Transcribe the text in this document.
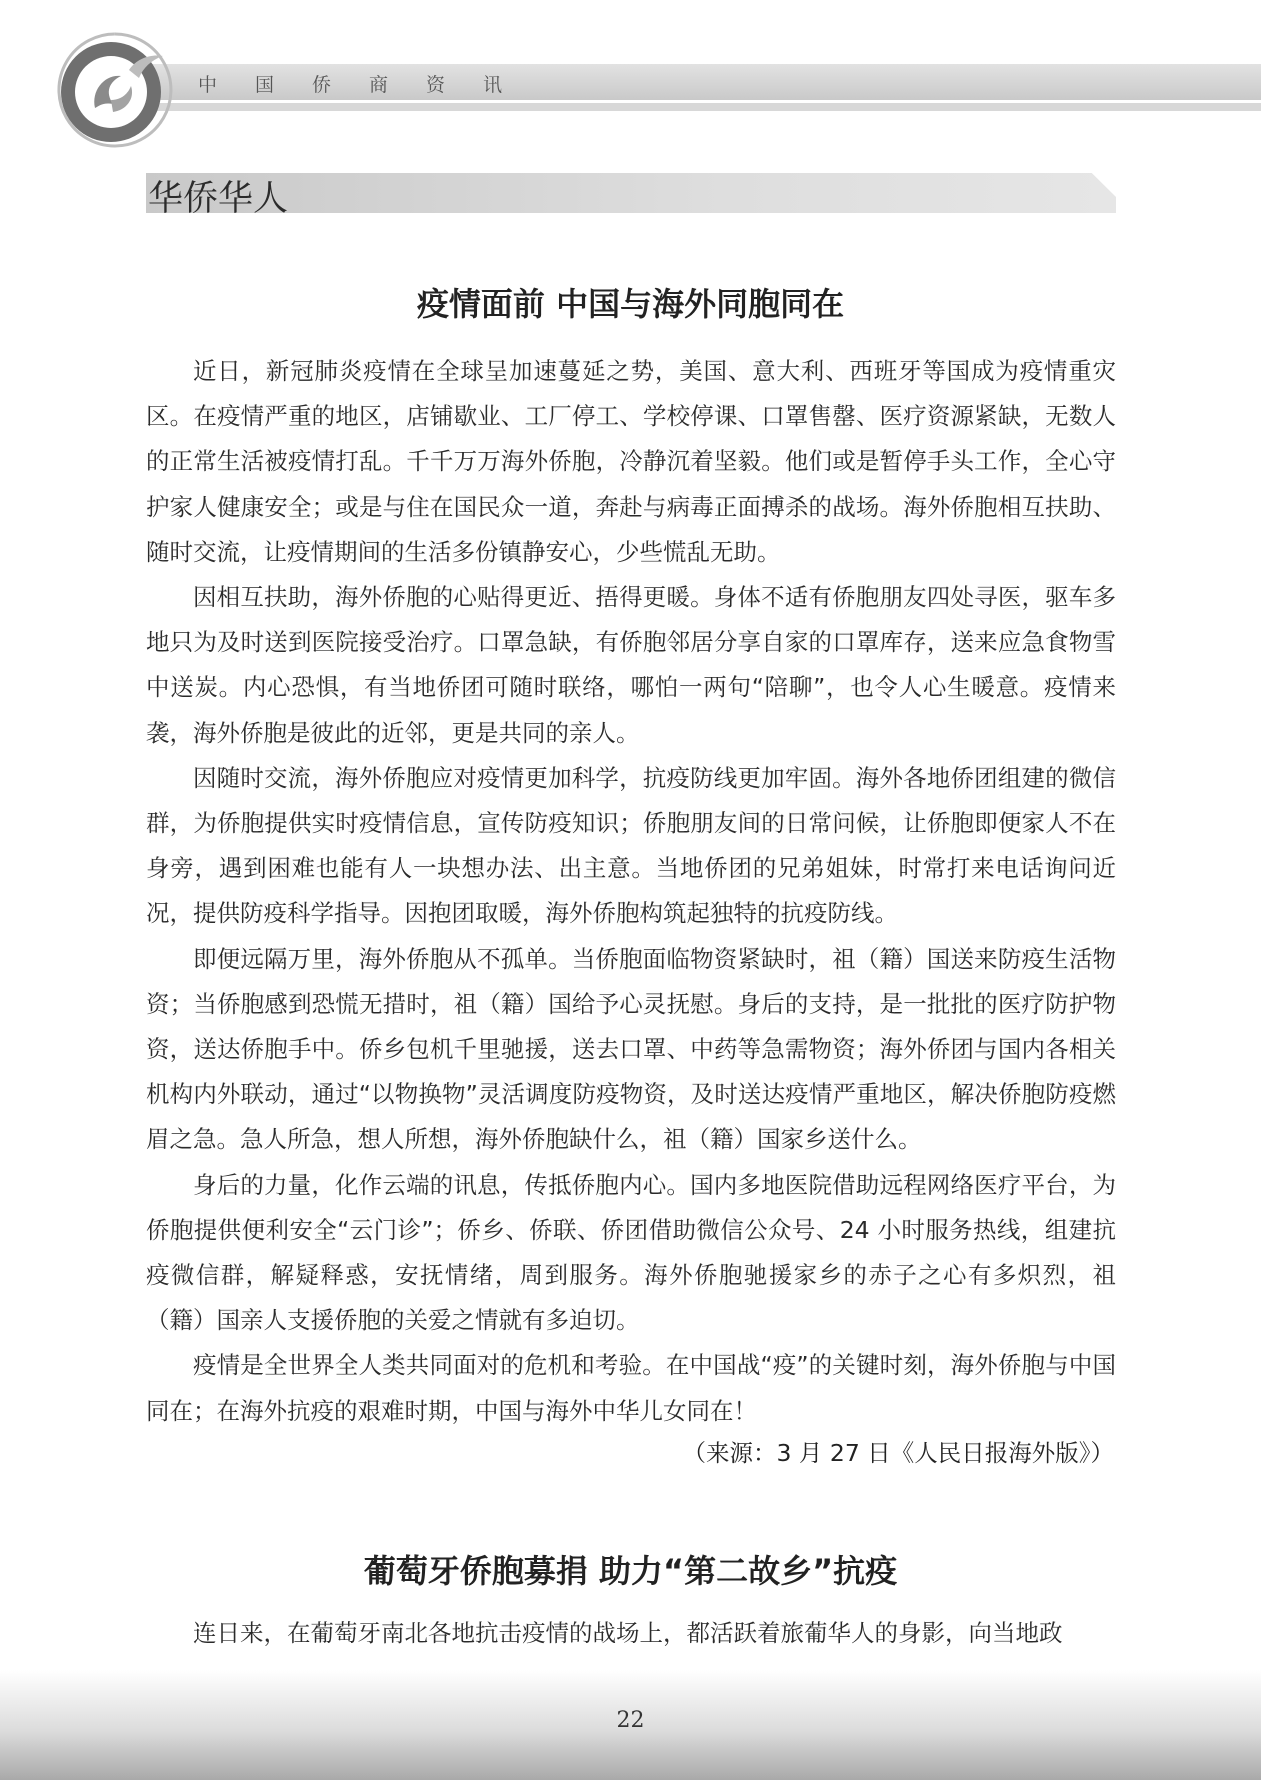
中国侨商资讯
华侨华人
疫情面前 中国与海外同胞同在

近日，新冠肺炎疫情在全球呈加速蔓延之势，美国、意大利、西班牙等国成为疫情重灾区。在疫情严重的地区，店铺歇业、工厂停工、学校停课、口罩售罄、医疗资源紧缺，无数人的正常生活被疫情打乱。千千万万海外侨胞，冷静沉着坚毅。他们或是暂停手头工作，全心守护家人健康安全；或是与住在国民众一道，奔赴与病毒正面搏杀的战场。海外侨胞相互扶助、随时交流，让疫情期间的生活多份镇静安心，少些慌乱无助。

因相互扶助，海外侨胞的心贴得更近、捂得更暖。身体不适有侨胞朋友四处寻医，驱车多地只为及时送到医院接受治疗。口罩急缺，有侨胞邻居分享自家的口罩库存，送来应急食物雪中送炭。内心恐惧，有当地侨团可随时联络，哪怕一两句“陪聊”，也令人心生暖意。疫情来袭，海外侨胞是彼此的近邻，更是共同的亲人。

因随时交流，海外侨胞应对疫情更加科学，抗疫防线更加牢固。海外各地侨团组建的微信群，为侨胞提供实时疫情信息，宣传防疫知识；侨胞朋友间的日常问候，让侨胞即便家人不在身旁，遇到困难也能有人一块想办法、出主意。当地侨团的兄弟姐妹，时常打来电话询问近况，提供防疫科学指导。因抱团取暖，海外侨胞构筑起独特的抗疫防线。

即便远隔万里，海外侨胞从不孤单。当侨胞面临物资紧缺时，祖（籍）国送来防疫生活物资；当侨胞感到恐慌无措时，祖（籍）国给予心灵抚慰。身后的支持，是一批批的医疗防护物资，送达侨胞手中。侨乡包机千里驰援，送去口罩、中药等急需物资；海外侨团与国内各相关机构内外联动，通过“以物换物”灵活调度防疫物资，及时送达疫情严重地区，解决侨胞防疫燃眉之急。急人所急，想人所想，海外侨胞缺什么，祖（籍）国家乡送什么。

身后的力量，化作云端的讯息，传抵侨胞内心。国内多地医院借助远程网络医疗平台，为侨胞提供便利安全“云门诊”；侨乡、侨联、侨团借助微信公众号、24 小时服务热线，组建抗疫微信群，解疑释惑，安抚情绪，周到服务。海外侨胞驰援家乡的赤子之心有多炽烈，祖（籍）国亲人支援侨胞的关爱之情就有多迫切。

疫情是全世界全人类共同面对的危机和考验。在中国战“疫”的关键时刻，海外侨胞与中国同在；在海外抗疫的艰难时期，中国与海外中华儿女同在！

（来源：3 月 27 日《人民日报海外版》）
葡萄牙侨胞募捐 助力“第二故乡”抗疫

连日来，在葡萄牙南北各地抗击疫情的战场上，都活跃着旅葡华人的身影，向当地政

22
